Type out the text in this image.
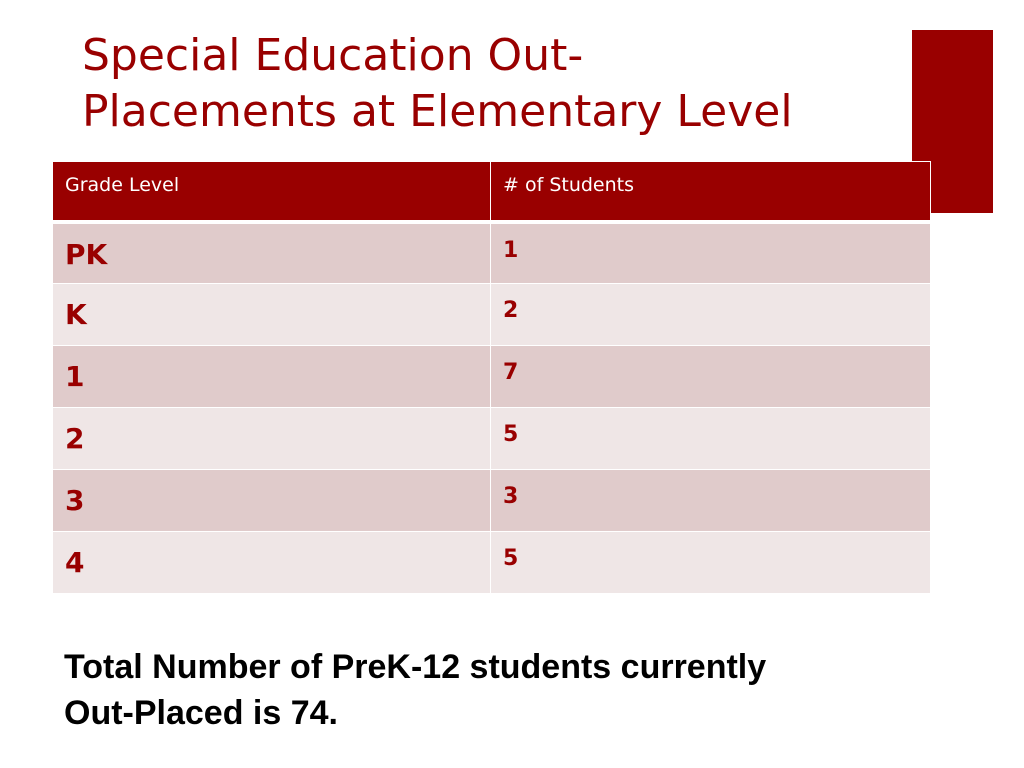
Special Education Out-
Placements at Elementary Level
Grade Level	# of Students
PK	1
K	2
1	7
2	5
3	3
4	5

Total Number of PreK-12 students currently
Out-Placed is 74.
